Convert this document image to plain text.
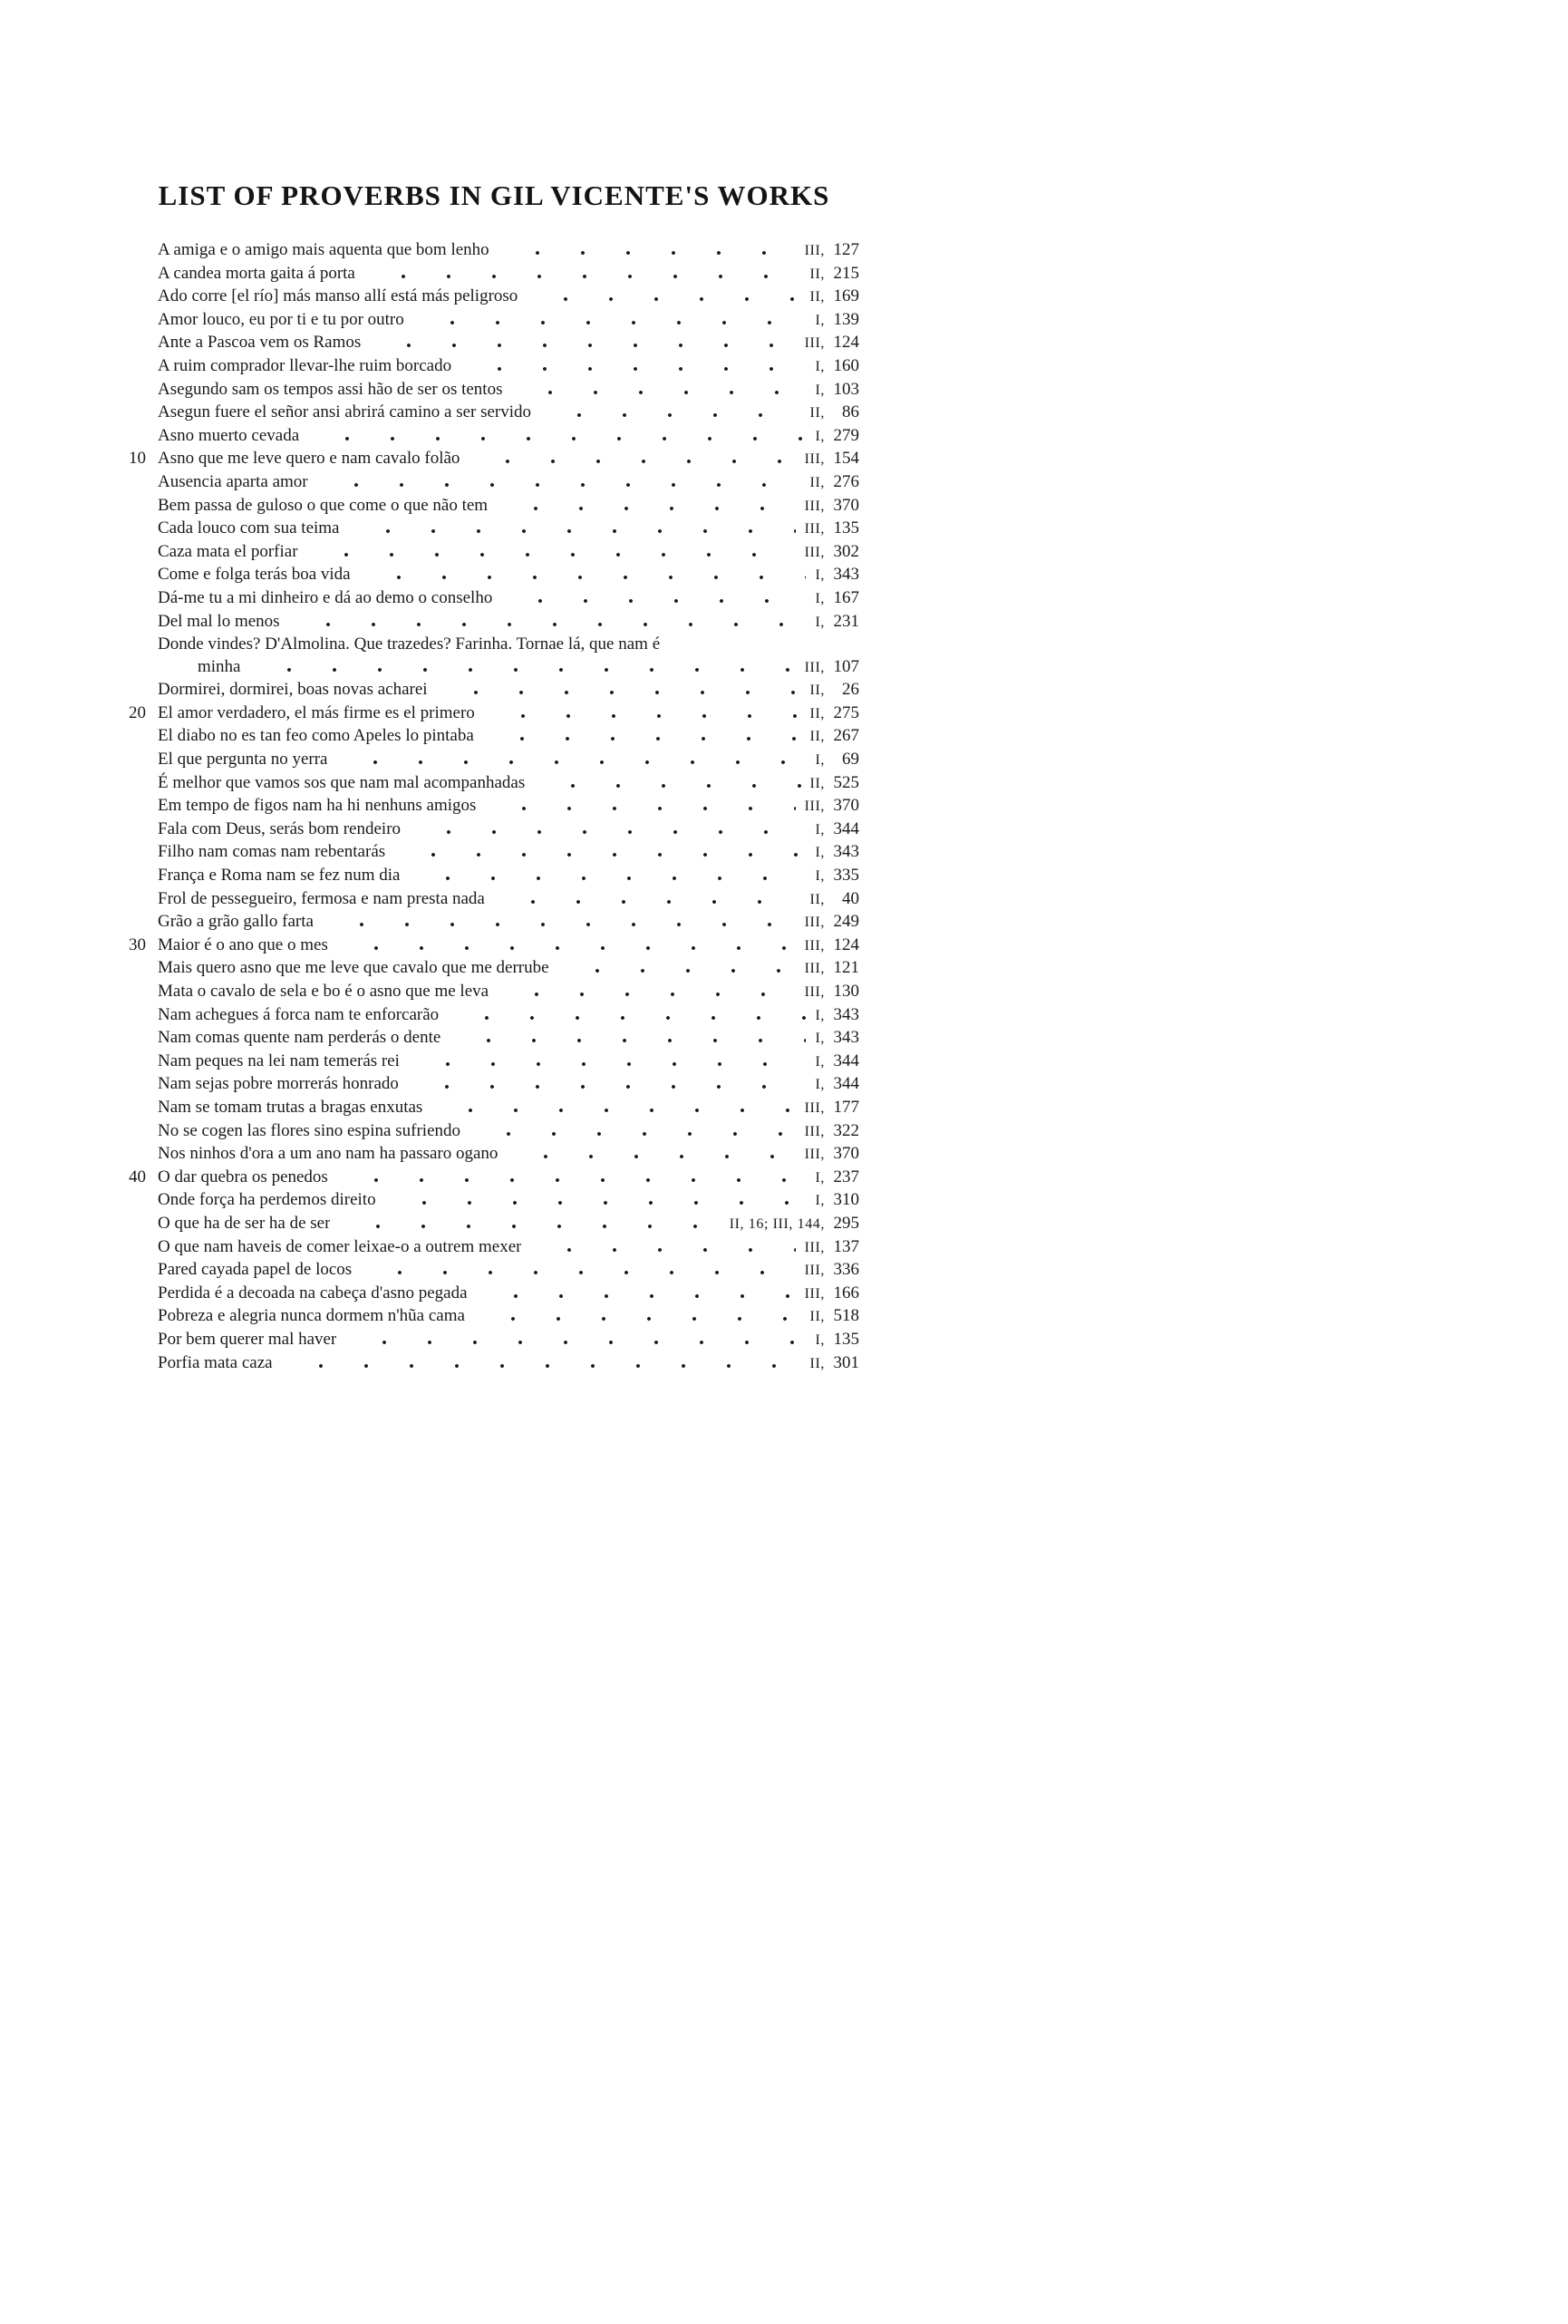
LIST OF PROVERBS IN GIL VICENTE'S WORKS
A amiga e o amigo mais aquenta que bom lenho	III, 127
A candea morta gaita á porta	II, 215
Ado corre [el río] más manso allí está más peligroso	II, 169
Amor louco, eu por ti e tu por outro	I, 139
Ante a Pascoa vem os Ramos	III, 124
A ruim comprador llevar-lhe ruim borcado	I, 160
Asegundo sam os tempos assi hão de ser os tentos	I, 103
Asegun fuere el señor ansi abrirá camino a ser servido	II,	86
Asno muerto cevada	I, 279
10 Asno que me leve quero e nam cavalo folão	III, 154
Ausencia aparta amor	II, 276
Bem passa de guloso o que come o que não tem	III, 370
Cada louco com sua teima	III, 135
Caza mata el porfiar	III, 302
Come e folga terás boa vida	I, 343
Dá-me tu a mi dinheiro e dá ao demo o conselho	I, 167
Del mal lo menos	I, 231
Donde vindes? D'Almolina. Que trazedes? Farinha. Tornae lá, que nam é
minha	III, 107
Dormirei, dormirei, boas novas acharei	II,	26
20 El amor verdadero, el más firme es el primero	II, 275
El diabo no es tan feo como Apeles lo pintaba	II, 267
El que pergunta no yerra	I,	69
É melhor que vamos sos que nam mal acompanhadas	II, 525
Em tempo de figos nam ha hi nenhuns amigos	III, 370
Fala com Deus, serás bom rendeiro	I, 344
Filho nam comas nam rebentarás	I, 343
França e Roma nam se fez num dia	I, 335
Frol de pessegueiro, fermosa e nam presta nada	II,	40
Grão a grão gallo farta	III, 249
30 Maior é o ano que o mes	III, 124
Mais quero asno que me leve que cavalo que me derrube	III, 121
Mata o cavalo de sela e bo é o asno que me leva	III, 130
Nam achegues á forca nam te enforcarão	I, 343
Nam comas quente nam perderás o dente	I, 343
Nam peques na lei nam temerás rei	I, 344
Nam sejas pobre morrerás honrado	I, 344
Nam se tomam trutas a bragas enxutas	III, 177
No se cogen las flores sino espina sufriendo	III, 322
Nos ninhos d'ora a um ano nam ha passaro ogano	III, 370
40 O dar quebra os penedos	I, 237
Onde força ha perdemos direito	I, 310
O que ha de ser ha de ser	II, 16; III, 144, 295
O que nam haveis de comer leixae-o a outrem mexer	III, 137
Pared cayada papel de locos	III, 336
Perdida é a decoada na cabeça d'asno pegada	III, 166
Pobreza e alegria nunca dormem n'hũa cama	II, 518
Por bem querer mal haver	I, 135
Porfia mata caza	II, 301
